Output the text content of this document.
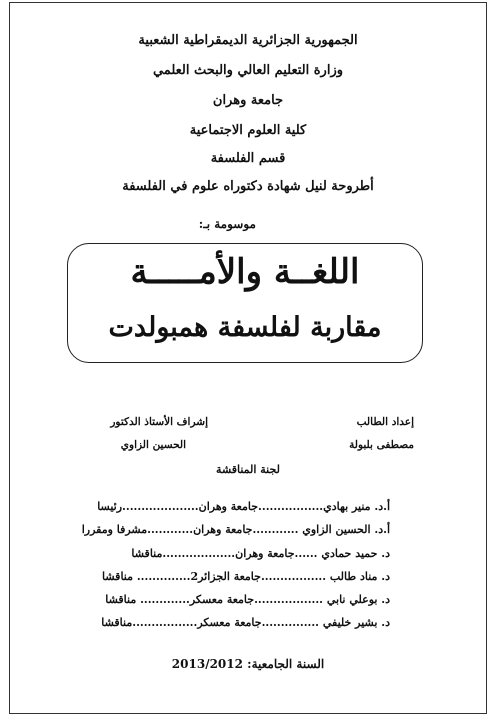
الجمهورية الجزائرية الديمقراطية الشعبية
وزارة التعليم العالي والبحث العلمي
جامعة وهران
كلية العلوم الاجتماعية
قسم الفلسفة
أطروحة لنيل شهادة دكتوراه علوم في الفلسفة
موسومة بـ:
اللغــة والأمـــــة
مقاربة لفلسفة همبولدت
إعداد الطالب
مصطفى بلبولة
إشراف الأستاذ الدكتور
الحسين الزاوي
لجنة المناقشة
أ.د. منير بهادي.................جامعة وهران....................رئيسا
أ.د. الحسين الزاوي ............جامعة وهران............مشرفا ومقررا
د. حميد حمادي ......جامعة وهران...................مناقشا
د. مناد طالب .................جامعة الجزائر2.............. مناقشا
د. بوعلي نابي ..................جامعة معسكر............. مناقشا
د. بشير خليفي ...............جامعة معسكر.................مناقشا
السنة الجامعية: 2013/2012
